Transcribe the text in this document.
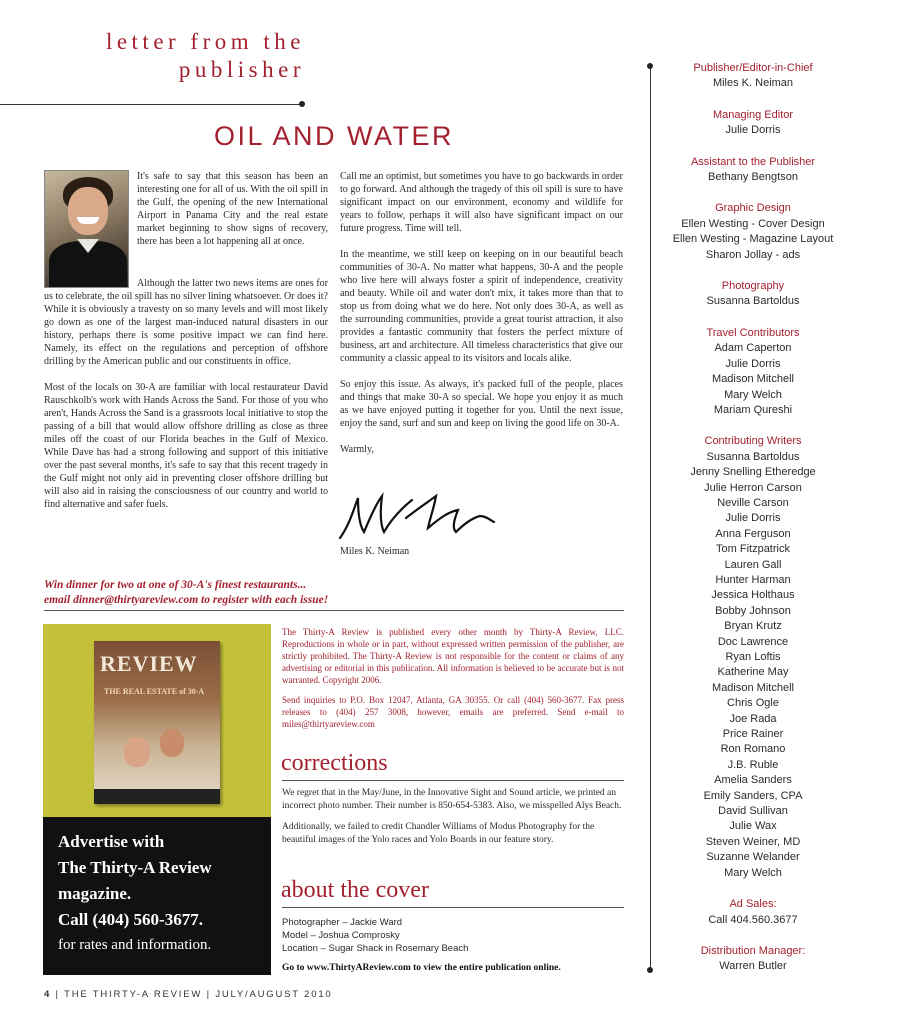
letter from the
publisher
OIL AND WATER

It's safe to say that this season has been an interesting one for all of us. With the oil spill in the Gulf, the opening of the new International Airport in Panama City and the real estate market beginning to show signs of recovery, there has been a lot happening all at once.

Although the latter two news items are ones for us to celebrate, the oil spill has no silver lining whatsoever. Or does it? While it is obviously a travesty on so many levels and will most likely go down as one of the largest man-induced natural disasters in our history, perhaps there is some positive impact we can find here. Namely, its effect on the regulations and perception of offshore drilling by the American public and our constituents in office.

Most of the locals on 30-A are familiar with local restaurateur David Rauschkolb's work with Hands Across the Sand. For those of you who aren't, Hands Across the Sand is a grassroots local initiative to stop the passing of a bill that would allow offshore drilling as close as three miles off the coast of our Florida beaches in the Gulf of Mexico. While Dave has had a strong following and support of this initiative over the past several months, it's safe to say that this recent tragedy in the Gulf might not only aid in preventing closer offshore drilling but will also aid in raising the consciousness of our country and world to find alternative and safer fuels.

Call me an optimist, but sometimes you have to go backwards in order to go forward. And although the tragedy of this oil spill is sure to have significant impact on our environment, economy and wildlife for years to follow, perhaps it will also have significant impact on our future progress. Time will tell.

In the meantime, we still keep on keeping on in our beautiful beach communities of 30-A. No matter what happens, 30-A and the people who live here will always foster a spirit of independence, creativity and beauty. While oil and water don't mix, it takes more than that to stop us from doing what we do here. Not only does 30-A, as well as the surrounding communities, provide a great tourist attraction, it also provides a fantastic community that fosters the perfect mixture of business, art and architecture. All timeless characteristics that give our community a classic appeal to its visitors and locals alike.

So enjoy this issue. As always, it's packed full of the people, places and things that make 30-A so special. We hope you enjoy it as much as we have enjoyed putting it together for you. Until the next issue, enjoy the sand, surf and sun and keep on living the good life on 30-A.

Warmly,

Miles K. Neiman
Win dinner for two at one of 30-A's finest restaurants...
email dinner@thirtyareview.com to register with each issue!
REVIEW
THE REAL ESTATE of 30-A
Advertise with
The Thirty-A Review
magazine.
Call (404) 560-3677.
for rates and information.

The Thirty-A Review is published every other month by Thirty-A Review, LLC. Reproductions in whole or in part, without expressed written permission of the publisher, are strictly prohibited. The Thirty-A Review is not responsible for the content or claims of any advertising or editorial in this publication. All information is believed to be accurate but is not warranted. Copyright 2006.

Send inquiries to P.O. Box 12047, Atlanta, GA 30355. Or call (404) 560-3677. Fax press releases to (404) 257 3008, however, emails are preferred. Send e-mail to miles@thirtyareview.com

corrections

We regret that in the May/June, in the Innovative Sight and Sound article, we printed an incorrect photo number. Their number is 850-654-5383. Also, we misspelled Alys Beach.

Additionally, we failed to credit Chandler Williams of Modus Photography for the beautiful images of the Yolo races and Yolo Boards in our feature story.

about the cover
Photographer – Jackie Ward
Model – Joshua Comprosky
Location – Sugar Shack in Rosemary Beach
Go to www.ThirtyAReview.com to view the entire publication online.
Publisher/Editor-in-Chief
Miles K. Neiman
Managing Editor
Julie Dorris
Assistant to the Publisher
Bethany Bengtson
Graphic Design
Ellen Westing - Cover Design
Ellen Westing - Magazine Layout
Sharon Jollay - ads
Photography
Susanna Bartoldus
Travel Contributors
Adam Caperton
Julie Dorris
Madison Mitchell
Mary Welch
Mariam Qureshi
Contributing Writers
Susanna Bartoldus
Jenny Snelling Etheredge
Julie Herron Carson
Neville Carson
Julie Dorris
Anna Ferguson
Tom Fitzpatrick
Lauren Gall
Hunter Harman
Jessica Holthaus
Bobby Johnson
Bryan Krutz
Doc Lawrence
Ryan Loftis
Katherine May
Madison Mitchell
Chris Ogle
Joe Rada
Price Rainer
Ron Romano
J.B. Ruble
Amelia Sanders
Emily Sanders, CPA
David Sullivan
Julie Wax
Steven Weiner, MD
Suzanne Welander
Mary Welch
Ad Sales:
Call 404.560.3677
Distribution Manager:
Warren Butler
4 | THE THIRTY-A REVIEW | JULY/AUGUST 2010
